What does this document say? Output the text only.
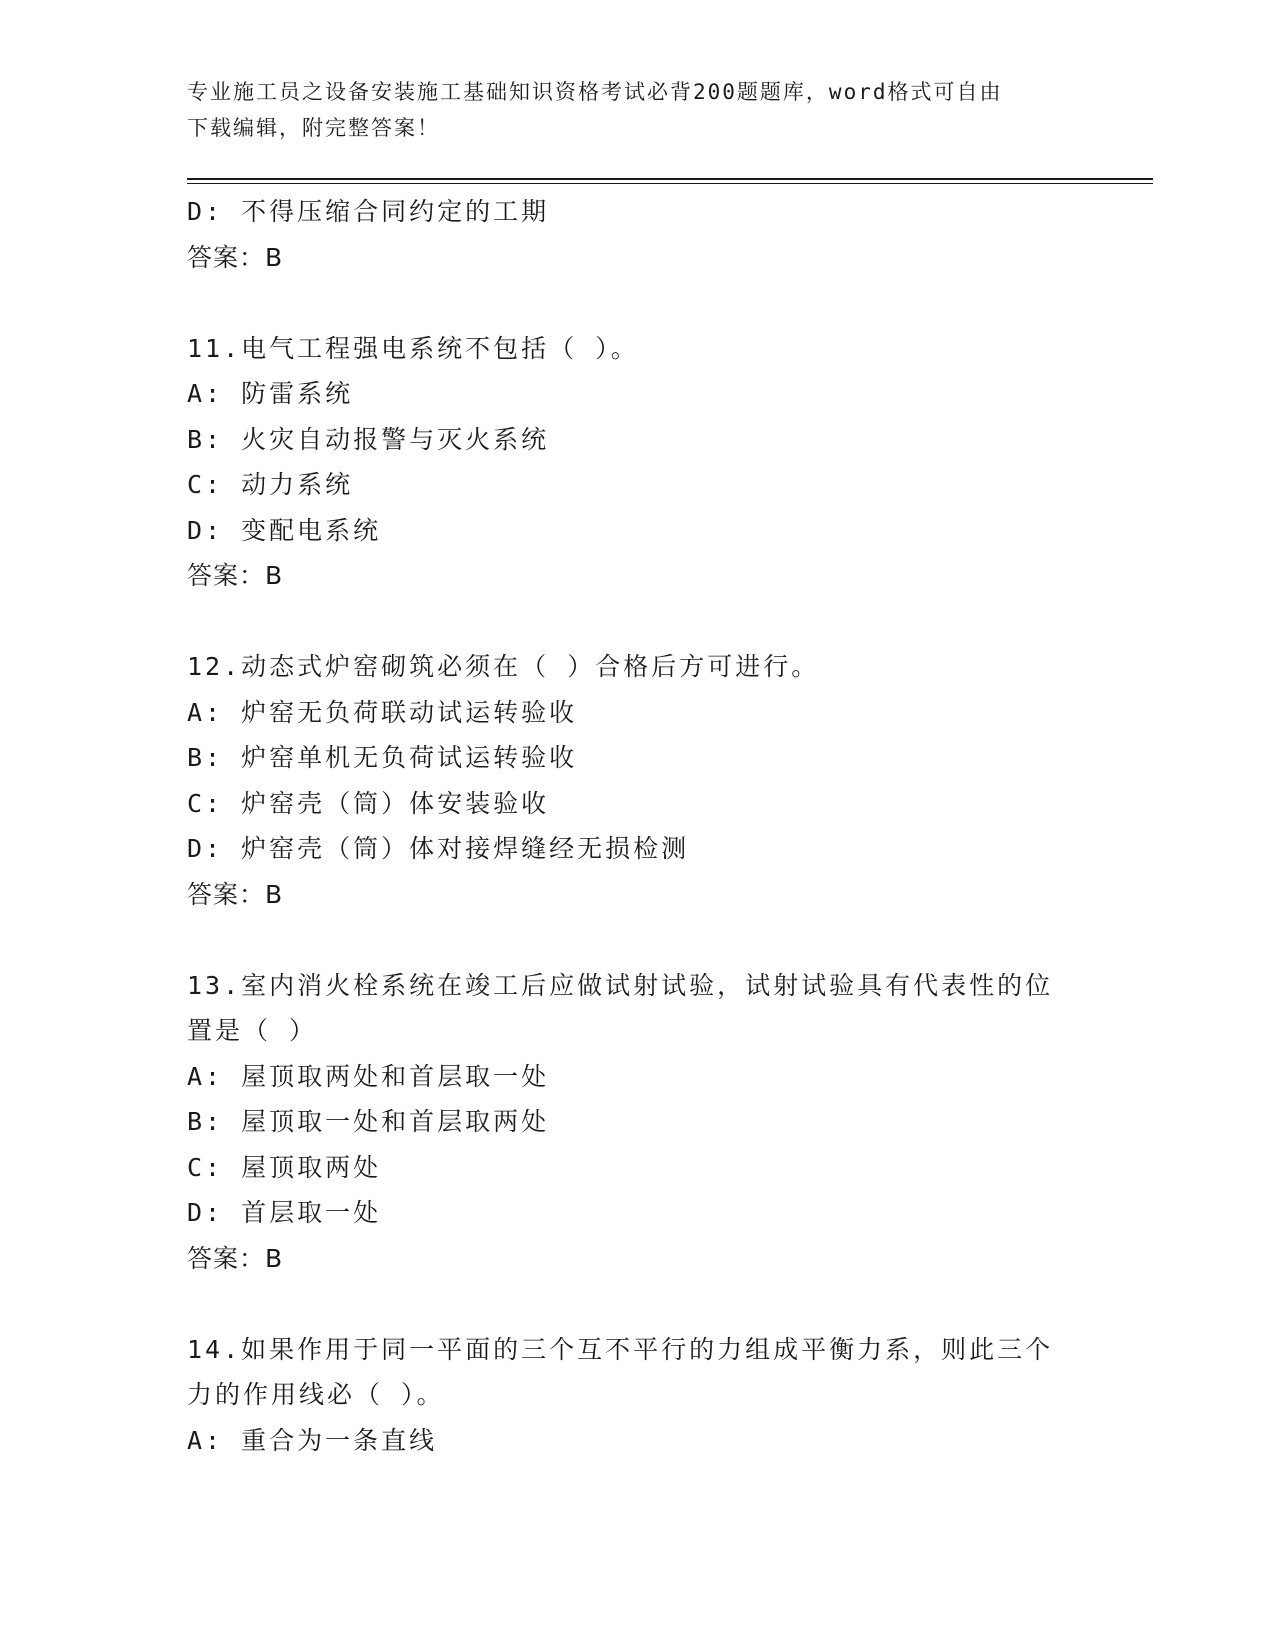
专业施工员之设备安装施工基础知识资格考试必背200题题库，word格式可自由
下载编辑，附完整答案！
D: 不得压缩合同约定的工期
答案：B
11.电气工程强电系统不包括（ ）。
A: 防雷系统
B: 火灾自动报警与灭火系统
C: 动力系统
D: 变配电系统
答案：B
12.动态式炉窑砌筑必须在（ ）合格后方可进行。
A: 炉窑无负荷联动试运转验收
B: 炉窑单机无负荷试运转验收
C: 炉窑壳（筒）体安装验收
D: 炉窑壳（筒）体对接焊缝经无损检测
答案：B
13.室内消火栓系统在竣工后应做试射试验，试射试验具有代表性的位
置是（ ）
A: 屋顶取两处和首层取一处
B: 屋顶取一处和首层取两处
C: 屋顶取两处
D: 首层取一处
答案：B
14.如果作用于同一平面的三个互不平行的力组成平衡力系，则此三个
力的作用线必（ ）。
A: 重合为一条直线
